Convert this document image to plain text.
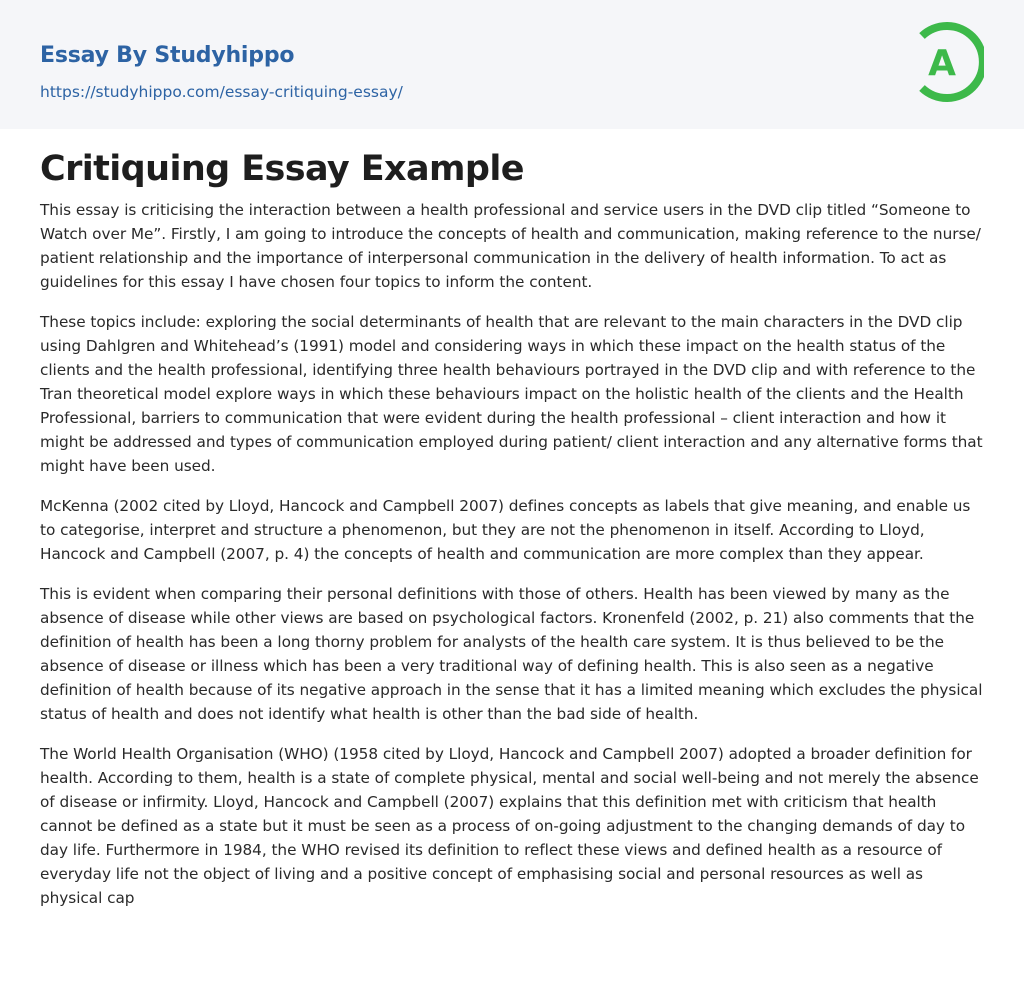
Essay By Studyhippo
https://studyhippo.com/essay-critiquing-essay/
A
Critiquing Essay Example

This essay is criticising the interaction between a health professional and service users in the DVD clip titled “Someone to Watch over Me”. Firstly, I am going to introduce the concepts of health and communication, making reference to the nurse/ patient relationship and the importance of interpersonal communication in the delivery of health information. To act as guidelines for this essay I have chosen four topics to inform the content.

These topics include: exploring the social determinants of health that are relevant to the main characters in the DVD clip using Dahlgren and Whitehead’s (1991) model and considering ways in which these impact on the health status of the clients and the health professional, identifying three health behaviours portrayed in the DVD clip and with reference to the Tran theoretical model explore ways in which these behaviours impact on the holistic health of the clients and the Health Professional, barriers to communication that were evident during the health professional – client interaction and how it might be addressed and types of communication employed during patient/ client interaction and any alternative forms that might have been used.

McKenna (2002 cited by Lloyd, Hancock and Campbell 2007) defines concepts as labels that give meaning, and enable us to categorise, interpret and structure a phenomenon, but they are not the phenomenon in itself. According to Lloyd, Hancock and Campbell (2007, p. 4) the concepts of health and communication are more complex than they appear.

This is evident when comparing their personal definitions with those of others. Health has been viewed by many as the absence of disease while other views are based on psychological factors. Kronenfeld (2002, p. 21) also comments that the definition of health has been a long thorny problem for analysts of the health care system. It is thus believed to be the absence of disease or illness which has been a very traditional way of defining health. This is also seen as a negative definition of health because of its negative approach in the sense that it has a limited meaning which excludes the physical status of health and does not identify what health is other than the bad side of health.

The World Health Organisation (WHO) (1958 cited by Lloyd, Hancock and Campbell 2007) adopted a broader definition for health. According to them, health is a state of complete physical, mental and social well-being and not merely the absence of disease or infirmity. Lloyd, Hancock and Campbell (2007) explains that this definition met with criticism that health cannot be defined as a state but it must be seen as a process of on-going adjustment to the changing demands of day to day life. Furthermore in 1984, the WHO revised its definition to reflect these views and defined health as a resource of everyday life not the object of living and a positive concept of emphasising social and personal resources as well as physical cap
